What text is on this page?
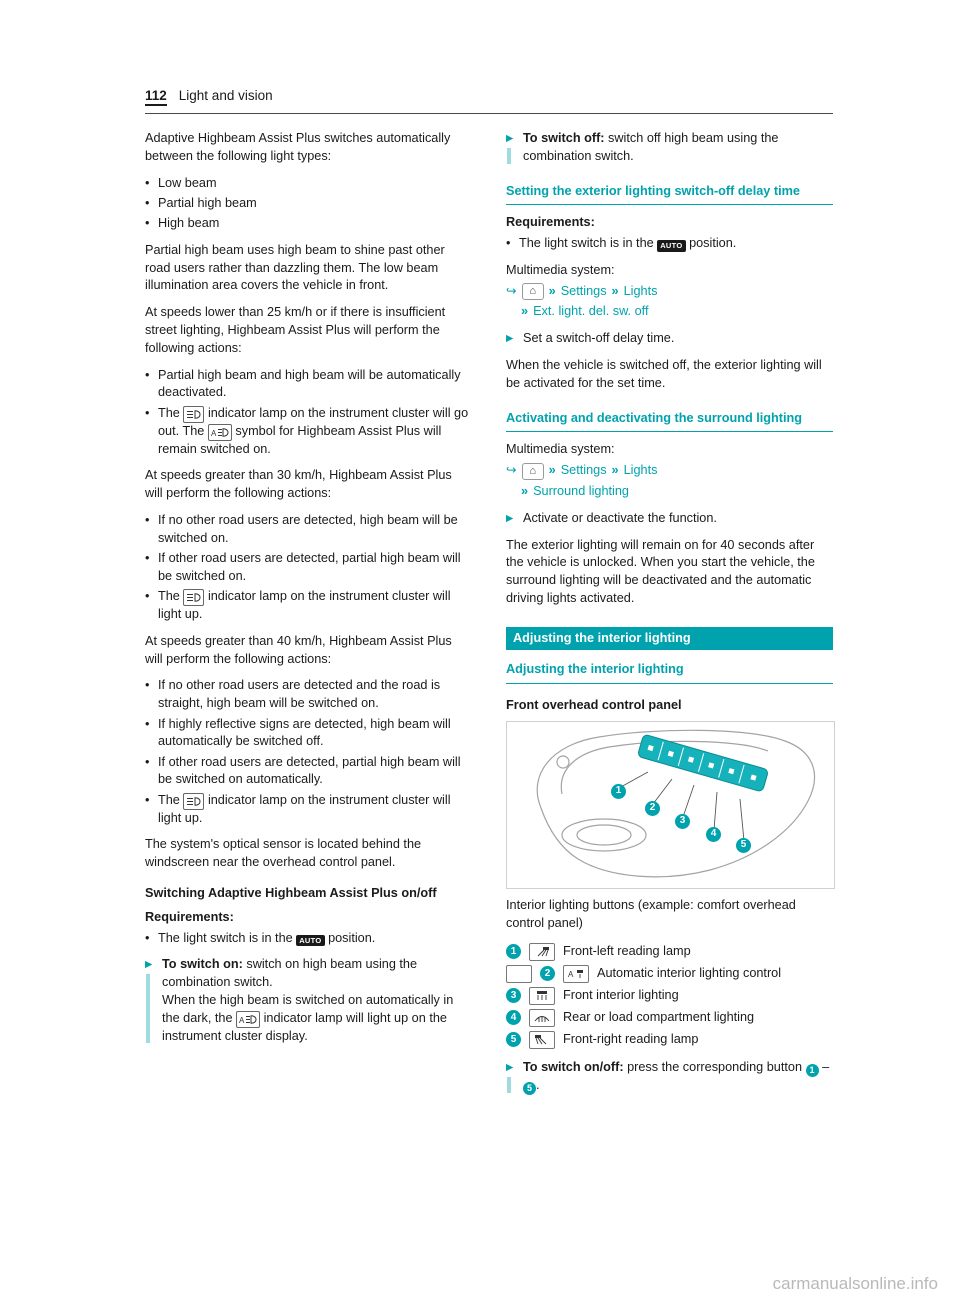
112 Light and vision
Adaptive Highbeam Assist Plus switches automatically between the following light types:
• Low beam
• Partial high beam
• High beam
Partial high beam uses high beam to shine past other road users rather than dazzling them. The low beam illumination area covers the vehicle in front.
At speeds lower than 25 km/h or if there is insufficient street lighting, Highbeam Assist Plus will perform the following actions:
• Partial high beam and high beam will be automatically deactivated.
• The indicator lamp on the instrument cluster will go out. The A symbol for Highbeam Assist Plus will remain switched on.
At speeds greater than 30 km/h, Highbeam Assist Plus will perform the following actions:
• If no other road users are detected, high beam will be switched on.
• If other road users are detected, partial high beam will be switched on.
• The indicator lamp on the instrument cluster will light up.
At speeds greater than 40 km/h, Highbeam Assist Plus will perform the following actions:
• If no other road users are detected and the road is straight, high beam will be switched on.
• If highly reflective signs are detected, high beam will automatically be switched off.
• If other road users are detected, partial high beam will be switched on automatically.
• The indicator lamp on the instrument cluster will light up.
The system's optical sensor is located behind the windscreen near the overhead control panel.
Switching Adaptive Highbeam Assist Plus on/off
Requirements:
• The light switch is in the AUTO position.
▶ To switch on: switch on high beam using the combination switch.
When the high beam is switched on automatically in the dark, the A indicator lamp will light up on the instrument cluster display.
▶ To switch off: switch off high beam using the combination switch.
Setting the exterior lighting switch-off delay time
Requirements:
• The light switch is in the AUTO position.
Multimedia system:
↪	⌂ » Settings » Lights
» Ext. light. del. sw. off
▶ Set a switch-off delay time.
When the vehicle is switched off, the exterior lighting will be activated for the set time.
Activating and deactivating the surround lighting
Multimedia system:
↪	⌂ » Settings » Lights
» Surround lighting
▶ Activate or deactivate the function.
The exterior lighting will remain on for 40 seconds after the vehicle is unlocked. When you start the vehicle, the surround lighting will be deactivated and the automatic driving lights activated.
Adjusting the interior lighting
Adjusting the interior lighting
Front overhead control panel
1
2
3
4
5
Interior lighting buttons (example: comfort overhead control panel)
1	Front-left reading lamp
2	A Automatic interior lighting control
3	Front interior lighting
4	Rear or load compartment lighting
5	Front-right reading lamp
▶ To switch on/off: press the corresponding button 1 – 5 .
carmanualsonline.info
